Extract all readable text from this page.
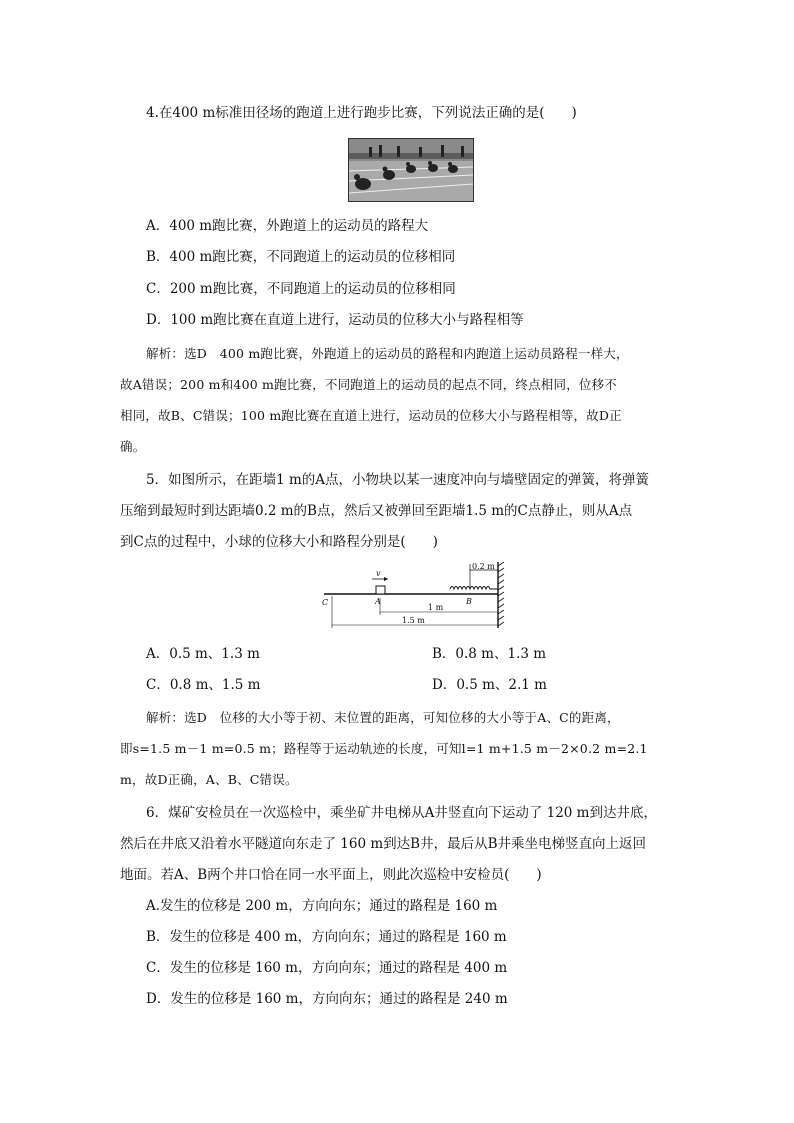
4.在400 m标准田径场的跑道上进行跑步比赛，下列说法正确的是(　　)
A．400 m跑比赛，外跑道上的运动员的路程大
B．400 m跑比赛，不同跑道上的运动员的位移相同
C．200 m跑比赛，不同跑道上的运动员的位移相同
D．100 m跑比赛在直道上进行，运动员的位移大小与路程相等
解析：选D　400 m跑比赛，外跑道上的运动员的路程和内跑道上运动员路程一样大，
故A错误；200 m和400 m跑比赛，不同跑道上的运动员的起点不同，终点相同，位移不
相同，故B、C错误；100 m跑比赛在直道上进行，运动员的位移大小与路程相等，故D正
确。
5．如图所示，在距墙1 m的A点，小物块以某一速度冲向与墙壁固定的弹簧，将弹簧
压缩到最短时到达距墙0.2 m的B点，然后又被弹回至距墙1.5 m的C点静止，则从A点
到C点的过程中，小球的位移大小和路程分别是(　　)
0.2 m
v
A	B
C
1 m
1.5 m
A．0.5 m、1.3 m	B．0.8 m、1.3 m
C．0.8 m、1.5 m	D．0.5 m、2.1 m
解析：选D　位移的大小等于初、末位置的距离，可知位移的大小等于A、C的距离，
即s=1.5 m－1 m=0.5 m；路程等于运动轨迹的长度，可知l=1 m+1.5 m－2×0.2 m=2.1
m，故D正确，A、B、C错误。
6．煤矿安检员在一次巡检中，乘坐矿井电梯从A井竖直向下运动了 120 m到达井底，
然后在井底又沿着水平隧道向东走了 160 m到达B井，最后从B井乘坐电梯竖直向上返回
地面。若A、B两个井口恰在同一水平面上，则此次巡检中安检员(　　)
A.发生的位移是 200 m，方向向东；通过的路程是 160 m
B．发生的位移是 400 m，方向向东；通过的路程是 160 m
C．发生的位移是 160 m，方向向东；通过的路程是 400 m
D．发生的位移是 160 m，方向向东；通过的路程是 240 m
